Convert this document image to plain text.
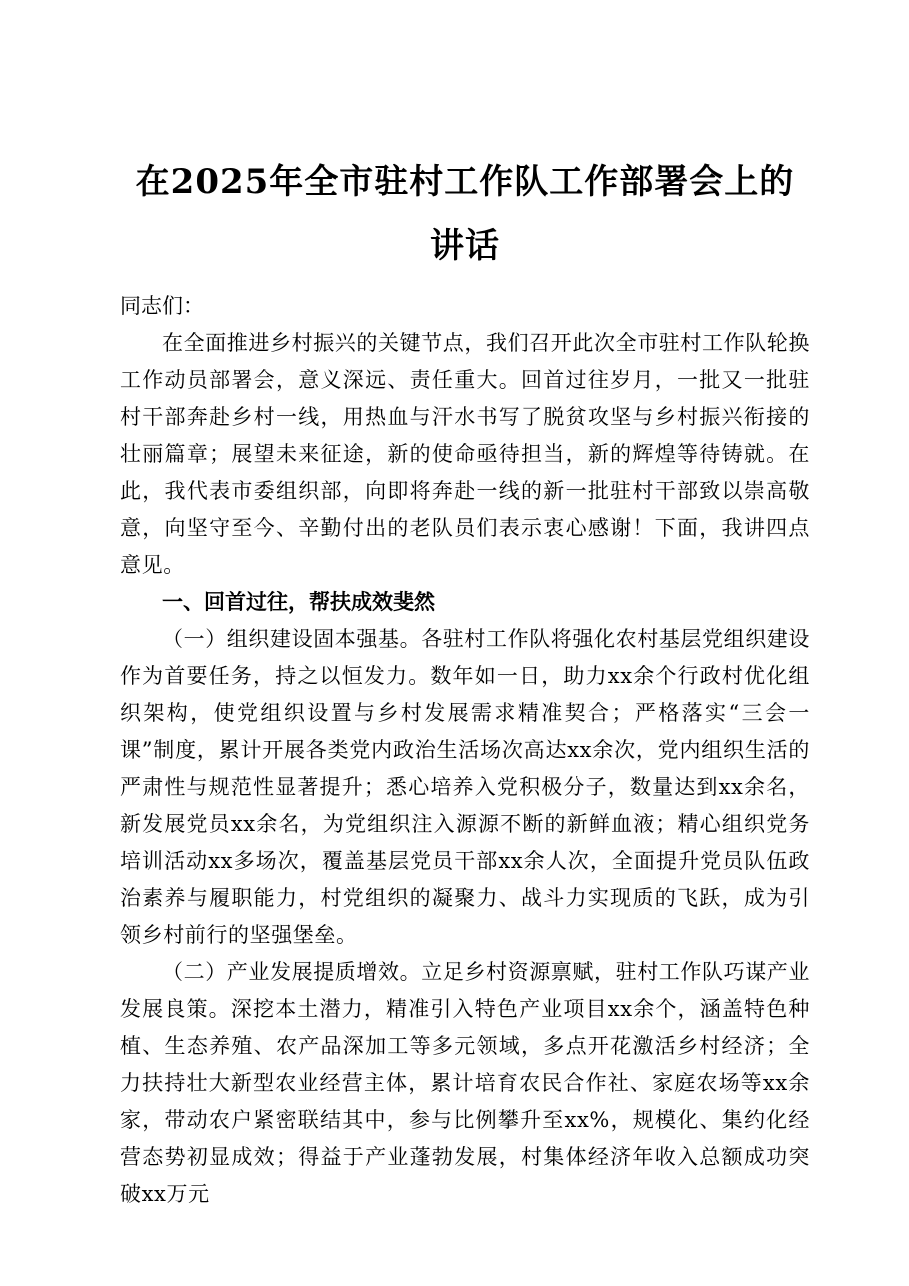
在2025年全市驻村工作队工作部署会上的讲话

同志们：

在全面推进乡村振兴的关键节点，我们召开此次全市驻村工作队轮换工作动员部署会，意义深远、责任重大。回首过往岁月，一批又一批驻村干部奔赴乡村一线，用热血与汗水书写了脱贫攻坚与乡村振兴衔接的壮丽篇章；展望未来征途，新的使命亟待担当，新的辉煌等待铸就。在此，我代表市委组织部，向即将奔赴一线的新一批驻村干部致以崇高敬意，向坚守至今、辛勤付出的老队员们表示衷心感谢！下面，我讲四点意见。

一、回首过往，帮扶成效斐然

（一）组织建设固本强基。各驻村工作队将强化农村基层党组织建设作为首要任务，持之以恒发力。数年如一日，助力xx余个行政村优化组织架构，使党组织设置与乡村发展需求精准契合；严格落实“三会一课”制度，累计开展各类党内政治生活场次高达xx余次，党内组织生活的严肃性与规范性显著提升；悉心培养入党积极分子，数量达到xx余名，新发展党员xx余名，为党组织注入源源不断的新鲜血液；精心组织党务培训活动xx多场次，覆盖基层党员干部xx余人次，全面提升党员队伍政治素养与履职能力，村党组织的凝聚力、战斗力实现质的飞跃，成为引领乡村前行的坚强堡垒。

（二）产业发展提质增效。立足乡村资源禀赋，驻村工作队巧谋产业发展良策。深挖本土潜力，精准引入特色产业项目xx余个，涵盖特色种植、生态养殖、农产品深加工等多元领域，多点开花激活乡村经济；全力扶持壮大新型农业经营主体，累计培育农民合作社、家庭农场等xx余家，带动农户紧密联结其中，参与比例攀升至xx%，规模化、集约化经营态势初显成效；得益于产业蓬勃发展，村集体经济年收入总额成功突破xx万元
